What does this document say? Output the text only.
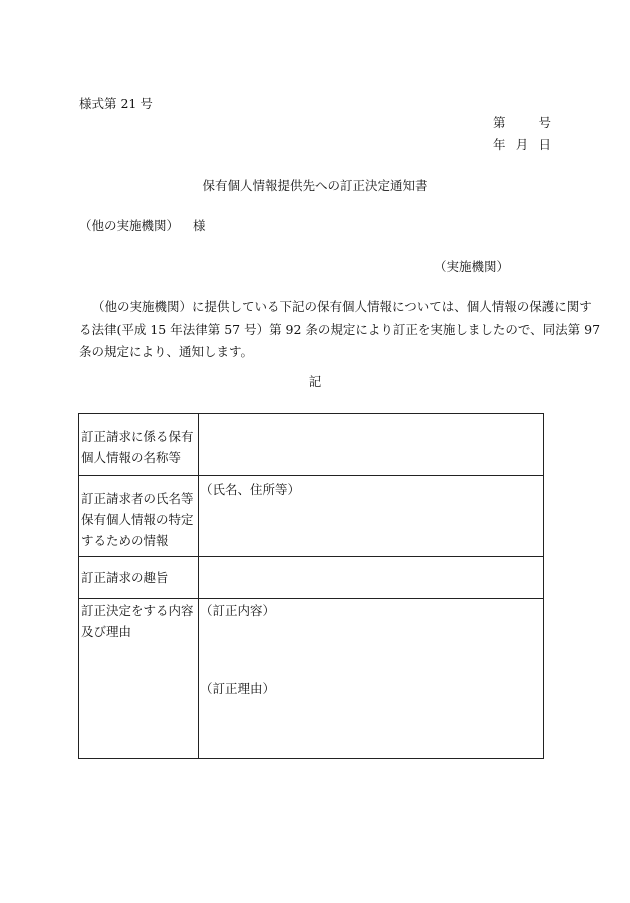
様式第 21 号
第	号
年 月 日
保有個人情報提供先への訂正決定通知書
（他の実施機関） 様
（実施機関）
（他の実施機関）に提供している下記の保有個人情報については、個人情報の保護に関す
る法律(平成 15 年法律第 57 号）第 92 条の規定により訂正を実施しましたので、同法第 97
条の規定により、通知します。
記
訂正請求に係る保有個人情報の名称等	
訂正請求者の氏名等保有個人情報の特定するための情報	（氏名、住所等）
訂正請求の趣旨	
訂正決定をする内容及び理由	（訂正内容）
（訂正理由）
